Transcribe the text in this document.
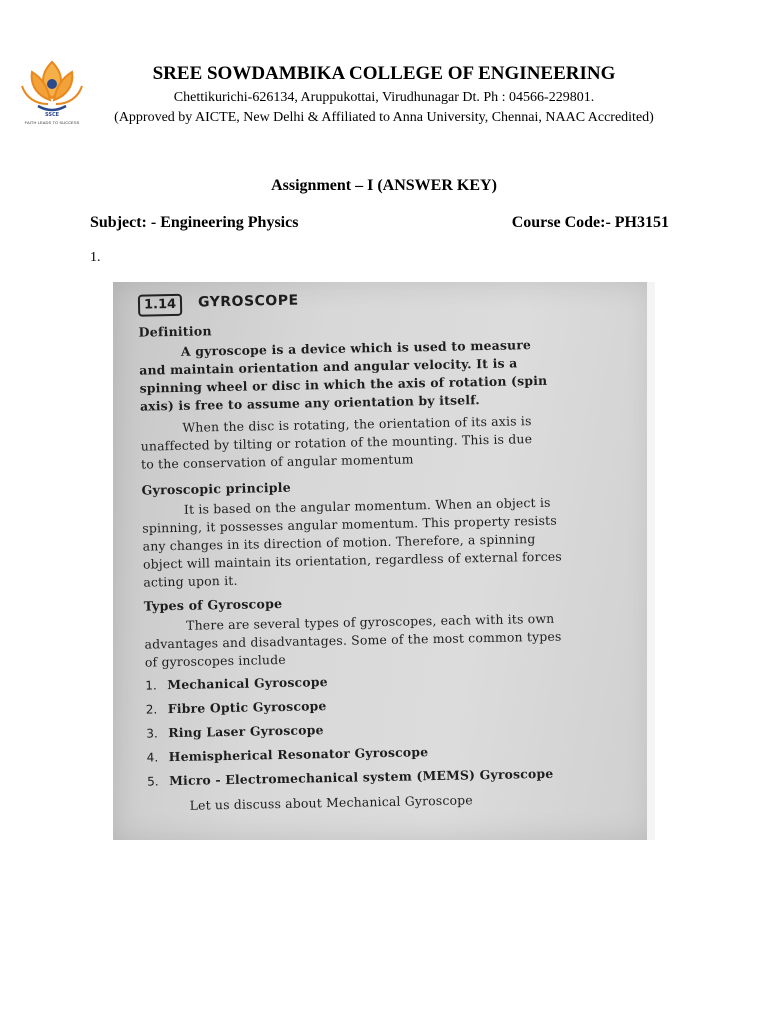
SSCE
FAITH LEADS TO SUCCESS
SREE SOWDAMBIKA COLLEGE OF ENGINEERING
Chettikurichi-626134, Aruppukottai, Virudhunagar Dt. Ph : 04566-229801.
(Approved by AICTE, New Delhi & Affiliated to Anna University, Chennai, NAAC Accredited)
Assignment – I (ANSWER KEY)
Subject: - Engineering Physics	Course Code:- PH3151
1.
1.14	GYROSCOPE
Definition
A gyroscope is a device which is used to measure
and maintain orientation and angular velocity. It is a
spinning wheel or disc in which the axis of rotation (spin
axis) is free to assume any orientation by itself.
When the disc is rotating, the orientation of its axis is
unaffected by tilting or rotation of the mounting. This is due
to the conservation of angular momentum
Gyroscopic principle
It is based on the angular momentum. When an object is
spinning, it possesses angular momentum. This property resists
any changes in its direction of motion. Therefore, a spinning
object will maintain its orientation, regardless of external forces
acting upon it.
Types of Gyroscope
There are several types of gyroscopes, each with its own
advantages and disadvantages. Some of the most common types
of gyroscopes include
1. Mechanical Gyroscope
2. Fibre Optic Gyroscope
3. Ring Laser Gyroscope
4. Hemispherical Resonator Gyroscope
5. Micro - Electromechanical system (MEMS) Gyroscope
Let us discuss about Mechanical Gyroscope
